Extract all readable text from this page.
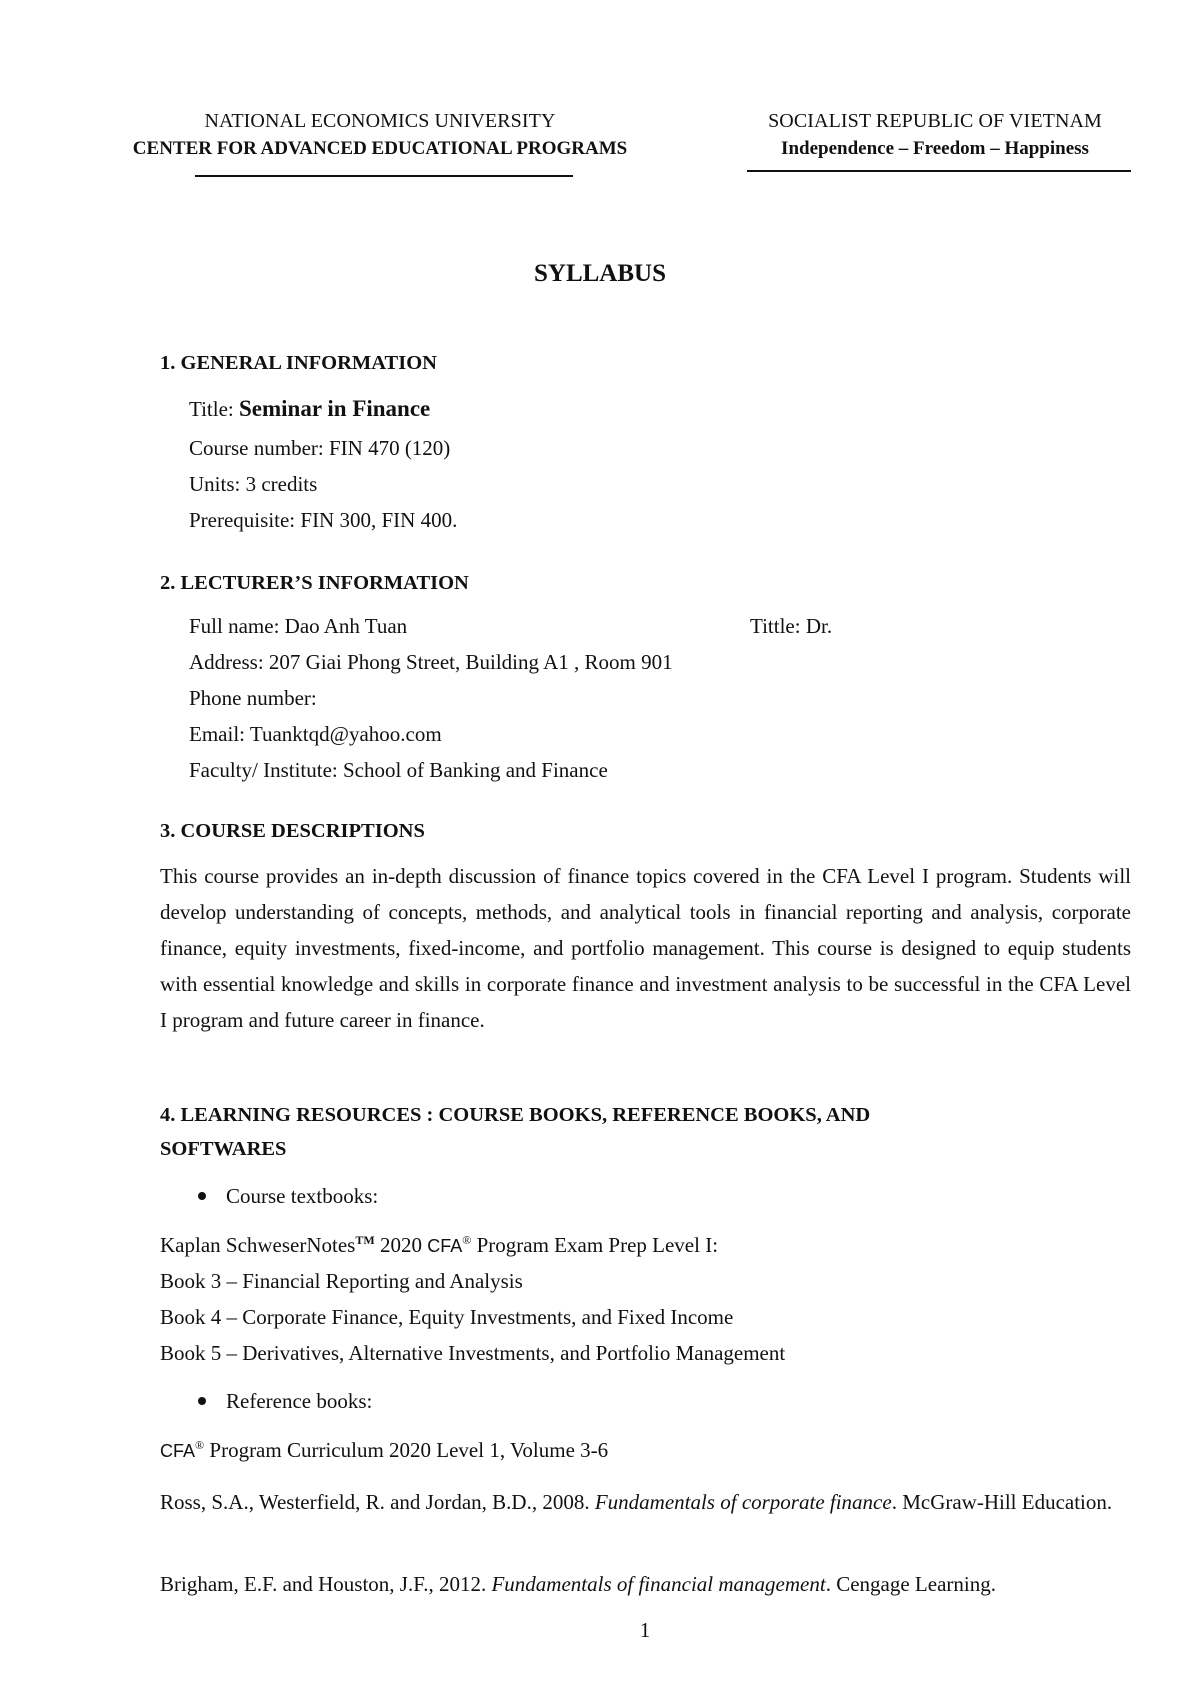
NATIONAL ECONOMICS UNIVERSITY
CENTER FOR ADVANCED EDUCATIONAL PROGRAMS
SOCIALIST REPUBLIC OF VIETNAM
Independence – Freedom – Happiness
SYLLABUS
1. GENERAL INFORMATION
Title: Seminar in Finance
Course number: FIN 470 (120)
Units: 3 credits
Prerequisite: FIN 300, FIN 400.
2. LECTURER’S INFORMATION
Full name: Dao Anh Tuan	Tittle: Dr.
Address: 207 Giai Phong Street, Building A1 , Room 901
Phone number:
Email: Tuanktqd@yahoo.com
Faculty/ Institute: School of Banking and Finance
3. COURSE DESCRIPTIONS
This course provides an in-depth discussion of finance topics covered in the CFA Level I program. Students will develop understanding of concepts, methods, and analytical tools in financial reporting and analysis, corporate finance, equity investments, fixed-income, and portfolio management. This course is designed to equip students with essential knowledge and skills in corporate finance and investment analysis to be successful in the CFA Level I program and future career in finance.
4. LEARNING RESOURCES : COURSE BOOKS, REFERENCE BOOKS, AND
SOFTWARES
Course textbooks:
Kaplan SchweserNotes™ 2020 CFA® Program Exam Prep Level I:
Book 3 – Financial Reporting and Analysis
Book 4 – Corporate Finance, Equity Investments, and Fixed Income
Book 5 – Derivatives, Alternative Investments, and Portfolio Management
Reference books:
CFA® Program Curriculum 2020 Level 1, Volume 3-6
Ross, S.A., Westerfield, R. and Jordan, B.D., 2008. Fundamentals of corporate finance. McGraw-Hill Education.
Brigham, E.F. and Houston, J.F., 2012. Fundamentals of financial management. Cengage Learning.
1
